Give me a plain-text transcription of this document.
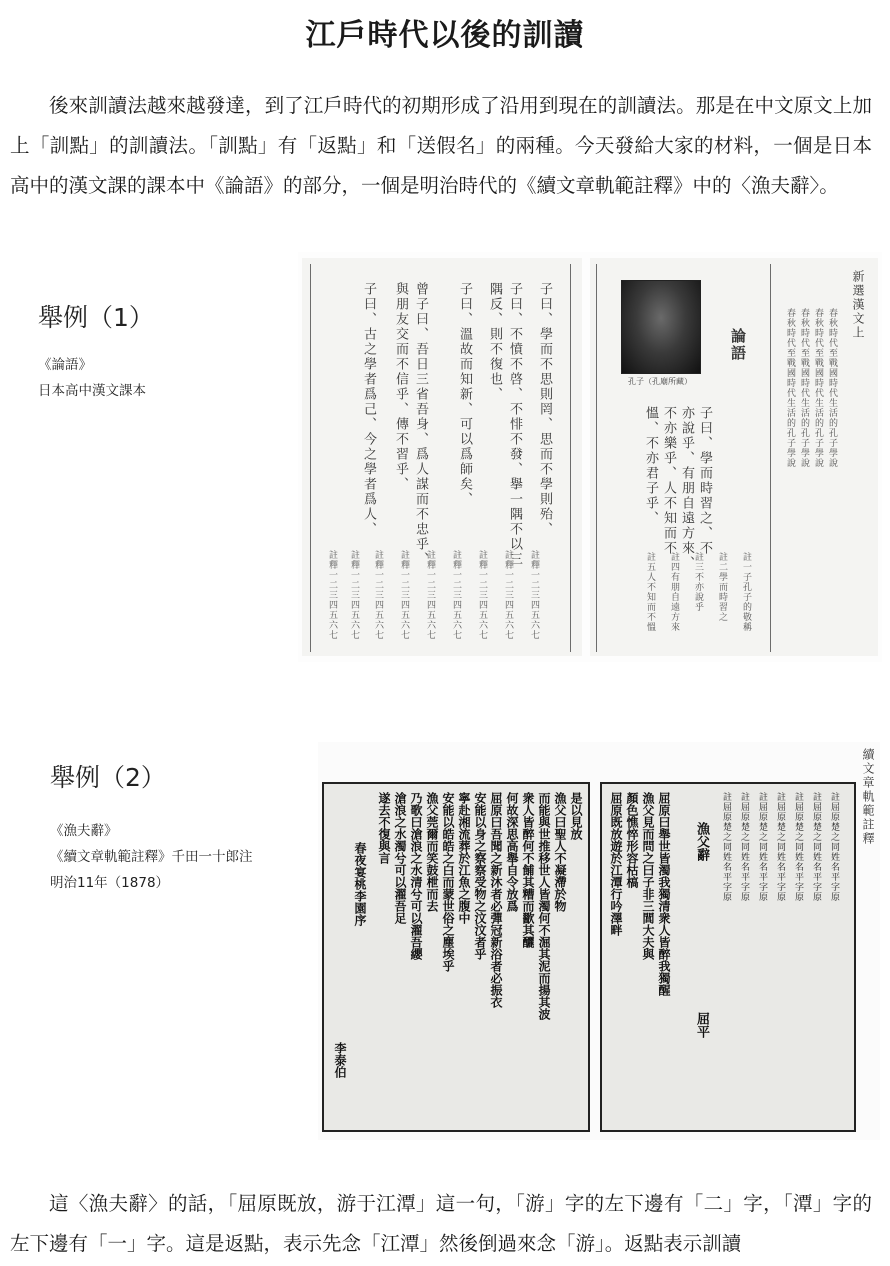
江戶時代以後的訓讀
後來訓讀法越來越發達，到了江戶時代的初期形成了沿用到現在的訓讀法。那是在中文原文上加上「訓點」的訓讀法。「訓點」有「返點」和「送假名」的兩種。今天發給大家的材料，一個是日本高中的漢文課的課本中《論語》的部分，一個是明治時代的《續文章軌範註釋》中的〈漁夫辭〉。
舉例（1）
《論語》
日本高中漢文課本	子曰、學而不思則罔、思而不學則殆、
子曰、不憤不啓、不悱不發、擧一隅不以三
隅反、則不復也、
子曰、溫故而知新、可以爲師矣、
曾子曰、吾日三省吾身、爲人謀而不忠乎、
與朋友交而不信乎、傳不習乎、
子曰、古之學者爲己、今之學者爲人、
註釋一二三四五六七 註釋一二三四五六七 註釋一二三四五六七 註釋一二三四五六七 註釋一二三四五六七 註釋一二三四五六七 註釋一二三四五六七 註釋一二三四五六七 註釋一二三四五六七
新選漢文上
春秋時代至戰國時代生活的孔子學說 春秋時代至戰國時代生活的孔子學說 春秋時代至戰國時代生活的孔子學說 春秋時代至戰國時代生活的孔子學說
論語
子曰、學而時習之、不
亦說乎、有朋自遠方來、
不亦樂乎、人不知而不
慍、不亦君子乎、
註一子孔子的敬稱
註二學而時習之
註三不亦說乎
註四有朋自遠方來
註五人不知而不慍
孔子（孔廟所藏）
舉例（2）
《漁夫辭》
《續文章軌範註釋》千田一十郎注
明治11年（1878）
是以見放
漁父曰聖人不凝滯於物
而能與世推移世人皆濁何不淈其泥而揚其波
衆人皆醉何不餔其糟而歠其釃
何故深思高舉自令放爲
屈原曰吾聞之新沐者必彈冠新浴者必振衣
安能以身之察察受物之汶汶者乎
寧赴湘流葬於江魚之腹中
安能以皓皓之白而蒙世俗之塵埃乎
漁父莞爾而笑鼓枻而去
乃歌曰滄浪之水清兮可以濯吾纓
滄浪之水濁兮可以濯吾足
遂去不復與言
春夜宴桃李園序
李泰伯
屈原既放遊於江潭行吟澤畔 顏色憔悴形容枯槁 漁父見而問之曰子非三閭大夫與 屈原曰舉世皆濁我獨清衆人皆醉我獨醒 漁父辭
屈平
註屈原楚之同姓名平字原 註屈原楚之同姓名平字原 註屈原楚之同姓名平字原 註屈原楚之同姓名平字原 註屈原楚之同姓名平字原 註屈原楚之同姓名平字原 註屈原楚之同姓名平字原 續文章軌範註釋
這〈漁夫辭〉的話，「屈原既放，游于江潭」這一句，「游」字的左下邊有「二」字，「潭」字的左下邊有「一」字。這是返點，表示先念「江潭」然後倒過來念「游」。返點表示訓讀
